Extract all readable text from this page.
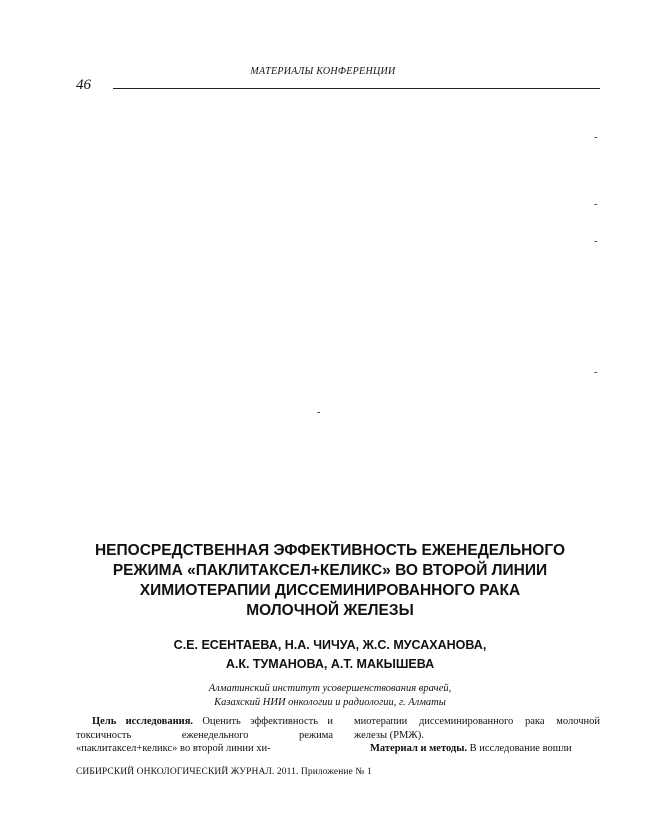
МАТЕРИАЛЫ КОНФЕРЕНЦИИ
46
-
-
-
-
-
НЕПОСРЕДСТВЕННАЯ ЭФФЕКТИВНОСТЬ ЕЖЕНЕДЕЛЬНОГО
РЕЖИМА «ПАКЛИТАКСЕЛ+КЕЛИКС» ВО ВТОРОЙ ЛИНИИ
ХИМИОТЕРАПИИ ДИССЕМИНИРОВАННОГО РАКА
МОЛОЧНОЙ ЖЕЛЕЗЫ
С.Е. ЕСЕНТАЕВА, Н.А. ЧИЧУА, Ж.С. МУСАХАНОВА,
А.К. ТУМАНОВА, А.Т. МАКЫШЕВА
Алматинский институт усовершенствования врачей,
Казахский НИИ онкологии и радиологии, г. Алматы

Цель исследования. Оценить эффективность и токсичность еженедельного режима «паклитаксел+келикс» во второй линии хи-

миотерапии диссеминированного рака молочной железы (РМЖ).

Материал и методы. В исследование вошли

СИБИРСКИЙ ОНКОЛОГИЧЕСКИЙ ЖУРНАЛ. 2011. Приложение № 1
